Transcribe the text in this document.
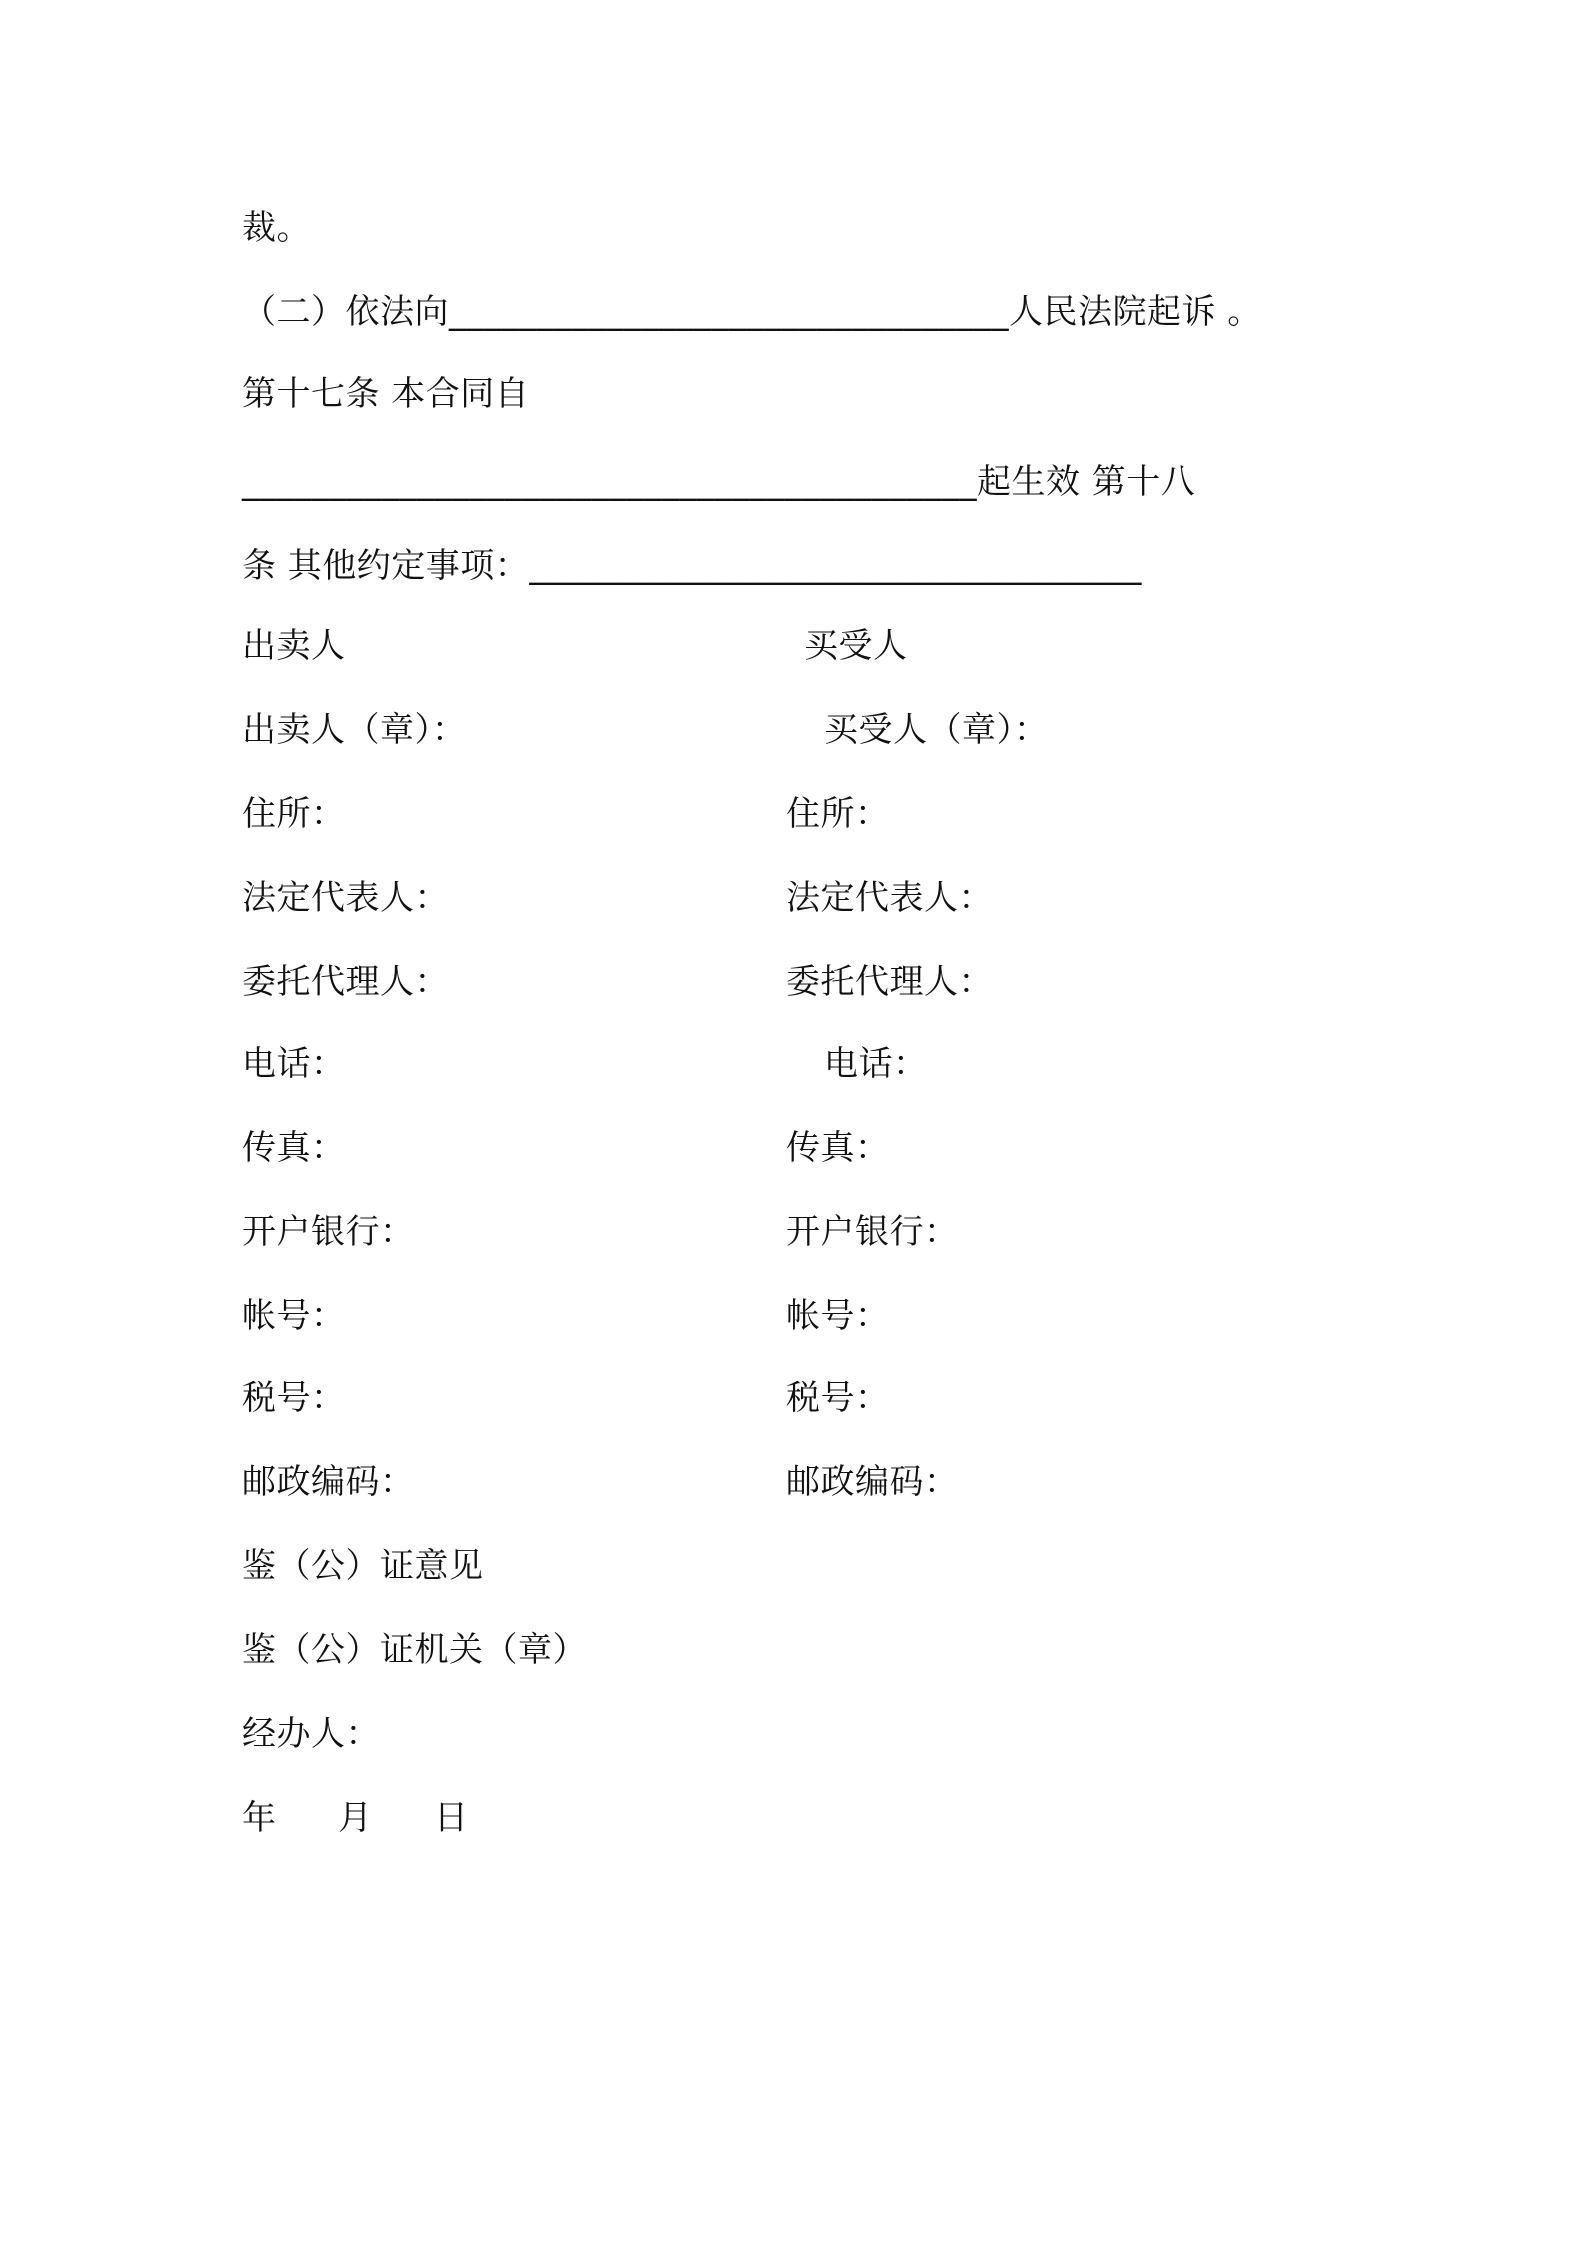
裁。
（二）依法向________________________________人民法院起诉 。
第十七条 本合同自
__________________________________________起生效 第十八
条 其他约定事项：___________________________________
出卖人	买受人
出卖人（章）：	买受人（章）：
住所：	住所：
法定代表人：	法定代表人：
委托代理人：	委托代理人：
电话：	电话：
传真：	传真：
开户银行：	开户银行：
帐号：	帐号：
税号：	税号：
邮政编码：	邮政编码：
鉴（公）证意见
鉴（公）证机关（章）
经办人：
年 月 日
